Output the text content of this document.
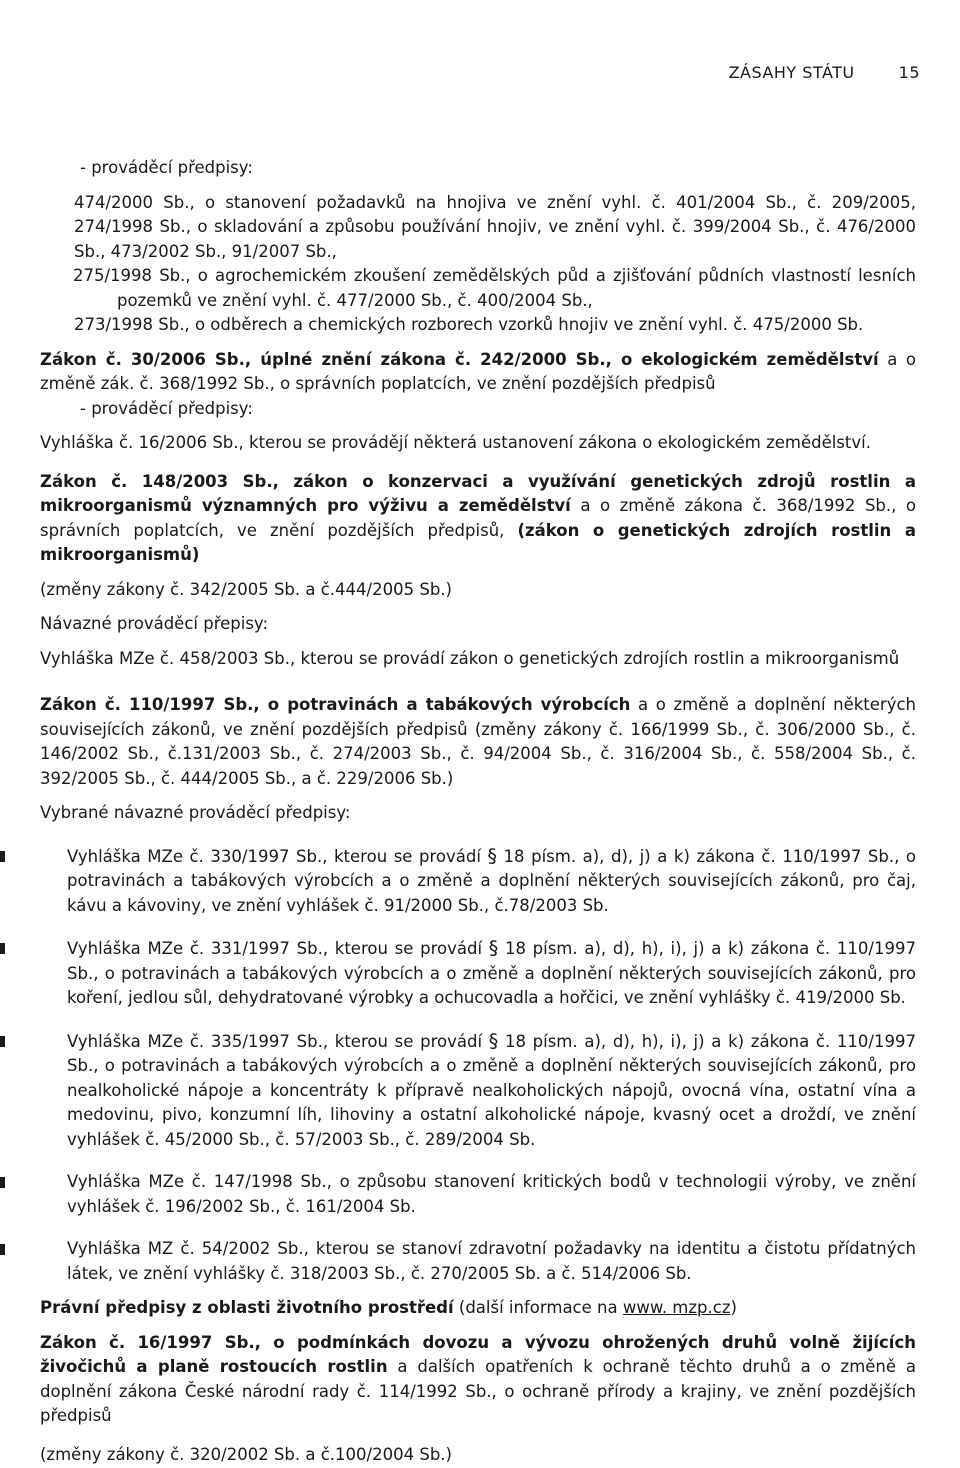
ZÁSAHY STÁTU	15

- prováděcí předpisy:

474/2000 Sb., o stanovení požadavků na hnojiva ve znění vyhl. č. 401/2004 Sb., č. 209/2005, 274/1998 Sb., o skladování a způsobu používání hnojiv, ve znění vyhl. č. 399/2004 Sb., č. 476/2000 Sb., 473/2002 Sb., 91/2007 Sb.,

275/1998 Sb., o agrochemickém zkoušení zemědělských půd a zjišťování půdních vlastností lesních pozemků ve znění vyhl. č. 477/2000 Sb., č. 400/2004 Sb.,

273/1998 Sb., o odběrech a chemických rozborech vzorků hnojiv ve znění vyhl. č. 475/2000 Sb.

Zákon č. 30/2006 Sb., úplné znění zákona č. 242/2000 Sb., o ekologickém zemědělství a o změně zák. č. 368/1992 Sb., o správních poplatcích, ve znění pozdějších předpisů

- prováděcí předpisy:

Vyhláška č. 16/2006 Sb., kterou se provádějí některá ustanovení zákona o ekologickém zemědělství.

Zákon č. 148/2003 Sb., zákon o konzervaci a využívání genetických zdrojů rostlin a mikroorganismů významných pro výživu a zemědělství a o změně zákona č. 368/1992 Sb., o správních poplatcích, ve znění pozdějších předpisů, (zákon o genetických zdrojích rostlin a mikroorganismů)

(změny zákony č. 342/2005 Sb. a č.444/2005 Sb.)

Návazné prováděcí přepisy:

Vyhláška MZe č. 458/2003 Sb., kterou se provádí zákon o genetických zdrojích rostlin a mikroorganismů

Zákon č. 110/1997 Sb., o potravinách a tabákových výrobcích a o změně a doplnění některých souvisejících zákonů, ve znění pozdějších předpisů (změny zákony č. 166/1999 Sb., č. 306/2000 Sb., č. 146/2002 Sb., č.131/2003 Sb., č. 274/2003 Sb., č. 94/2004 Sb., č. 316/2004 Sb., č. 558/2004 Sb., č. 392/2005 Sb., č. 444/2005 Sb., a č. 229/2006 Sb.)

Vybrané návazné prováděcí předpisy:

Vyhláška MZe č. 330/1997 Sb., kterou se provádí § 18 písm. a), d), j) a k) zákona č. 110/1997 Sb., o potravinách a tabákových výrobcích a o změně a doplnění některých souvisejících zákonů, pro čaj, kávu a kávoviny, ve znění vyhlášek č. 91/2000 Sb., č.78/2003 Sb.
Vyhláška MZe č. 331/1997 Sb., kterou se provádí § 18 písm. a), d), h), i), j) a k) zákona č. 110/1997 Sb., o potravinách a tabákových výrobcích a o změně a doplnění některých souvisejících zákonů, pro koření, jedlou sůl, dehydratované výrobky a ochucovadla a hořčici, ve znění vyhlášky č. 419/2000 Sb.
Vyhláška MZe č. 335/1997 Sb., kterou se provádí § 18 písm. a), d), h), i), j) a k) zákona č. 110/1997 Sb., o potravinách a tabákových výrobcích a o změně a doplnění některých souvisejících zákonů, pro nealkoholické nápoje a koncentráty k přípravě nealkoholických nápojů, ovocná vína, ostatní vína a medovinu, pivo, konzumní líh, lihoviny a ostatní alkoholické nápoje, kvasný ocet a droždí, ve znění vyhlášek č. 45/2000 Sb., č. 57/2003 Sb., č. 289/2004 Sb.
Vyhláška MZe č. 147/1998 Sb., o způsobu stanovení kritických bodů v technologii výroby, ve znění vyhlášek č. 196/2002 Sb., č. 161/2004 Sb.
Vyhláška MZ č. 54/2002 Sb., kterou se stanoví zdravotní požadavky na identitu a čistotu přídatných látek, ve znění vyhlášky č. 318/2003 Sb., č. 270/2005 Sb. a č. 514/2006 Sb.

Právní předpisy z oblasti životního prostředí (další informace na www. mzp.cz)

Zákon č. 16/1997 Sb., o podmínkách dovozu a vývozu ohrožených druhů volně žijících živočichů a planě rostoucích rostlin a dalších opatřeních k ochraně těchto druhů a o změně a doplnění zákona České národní rady č. 114/1992 Sb., o ochraně přírody a krajiny, ve znění pozdějších předpisů

(změny zákony č. 320/2002 Sb. a č.100/2004 Sb.)
